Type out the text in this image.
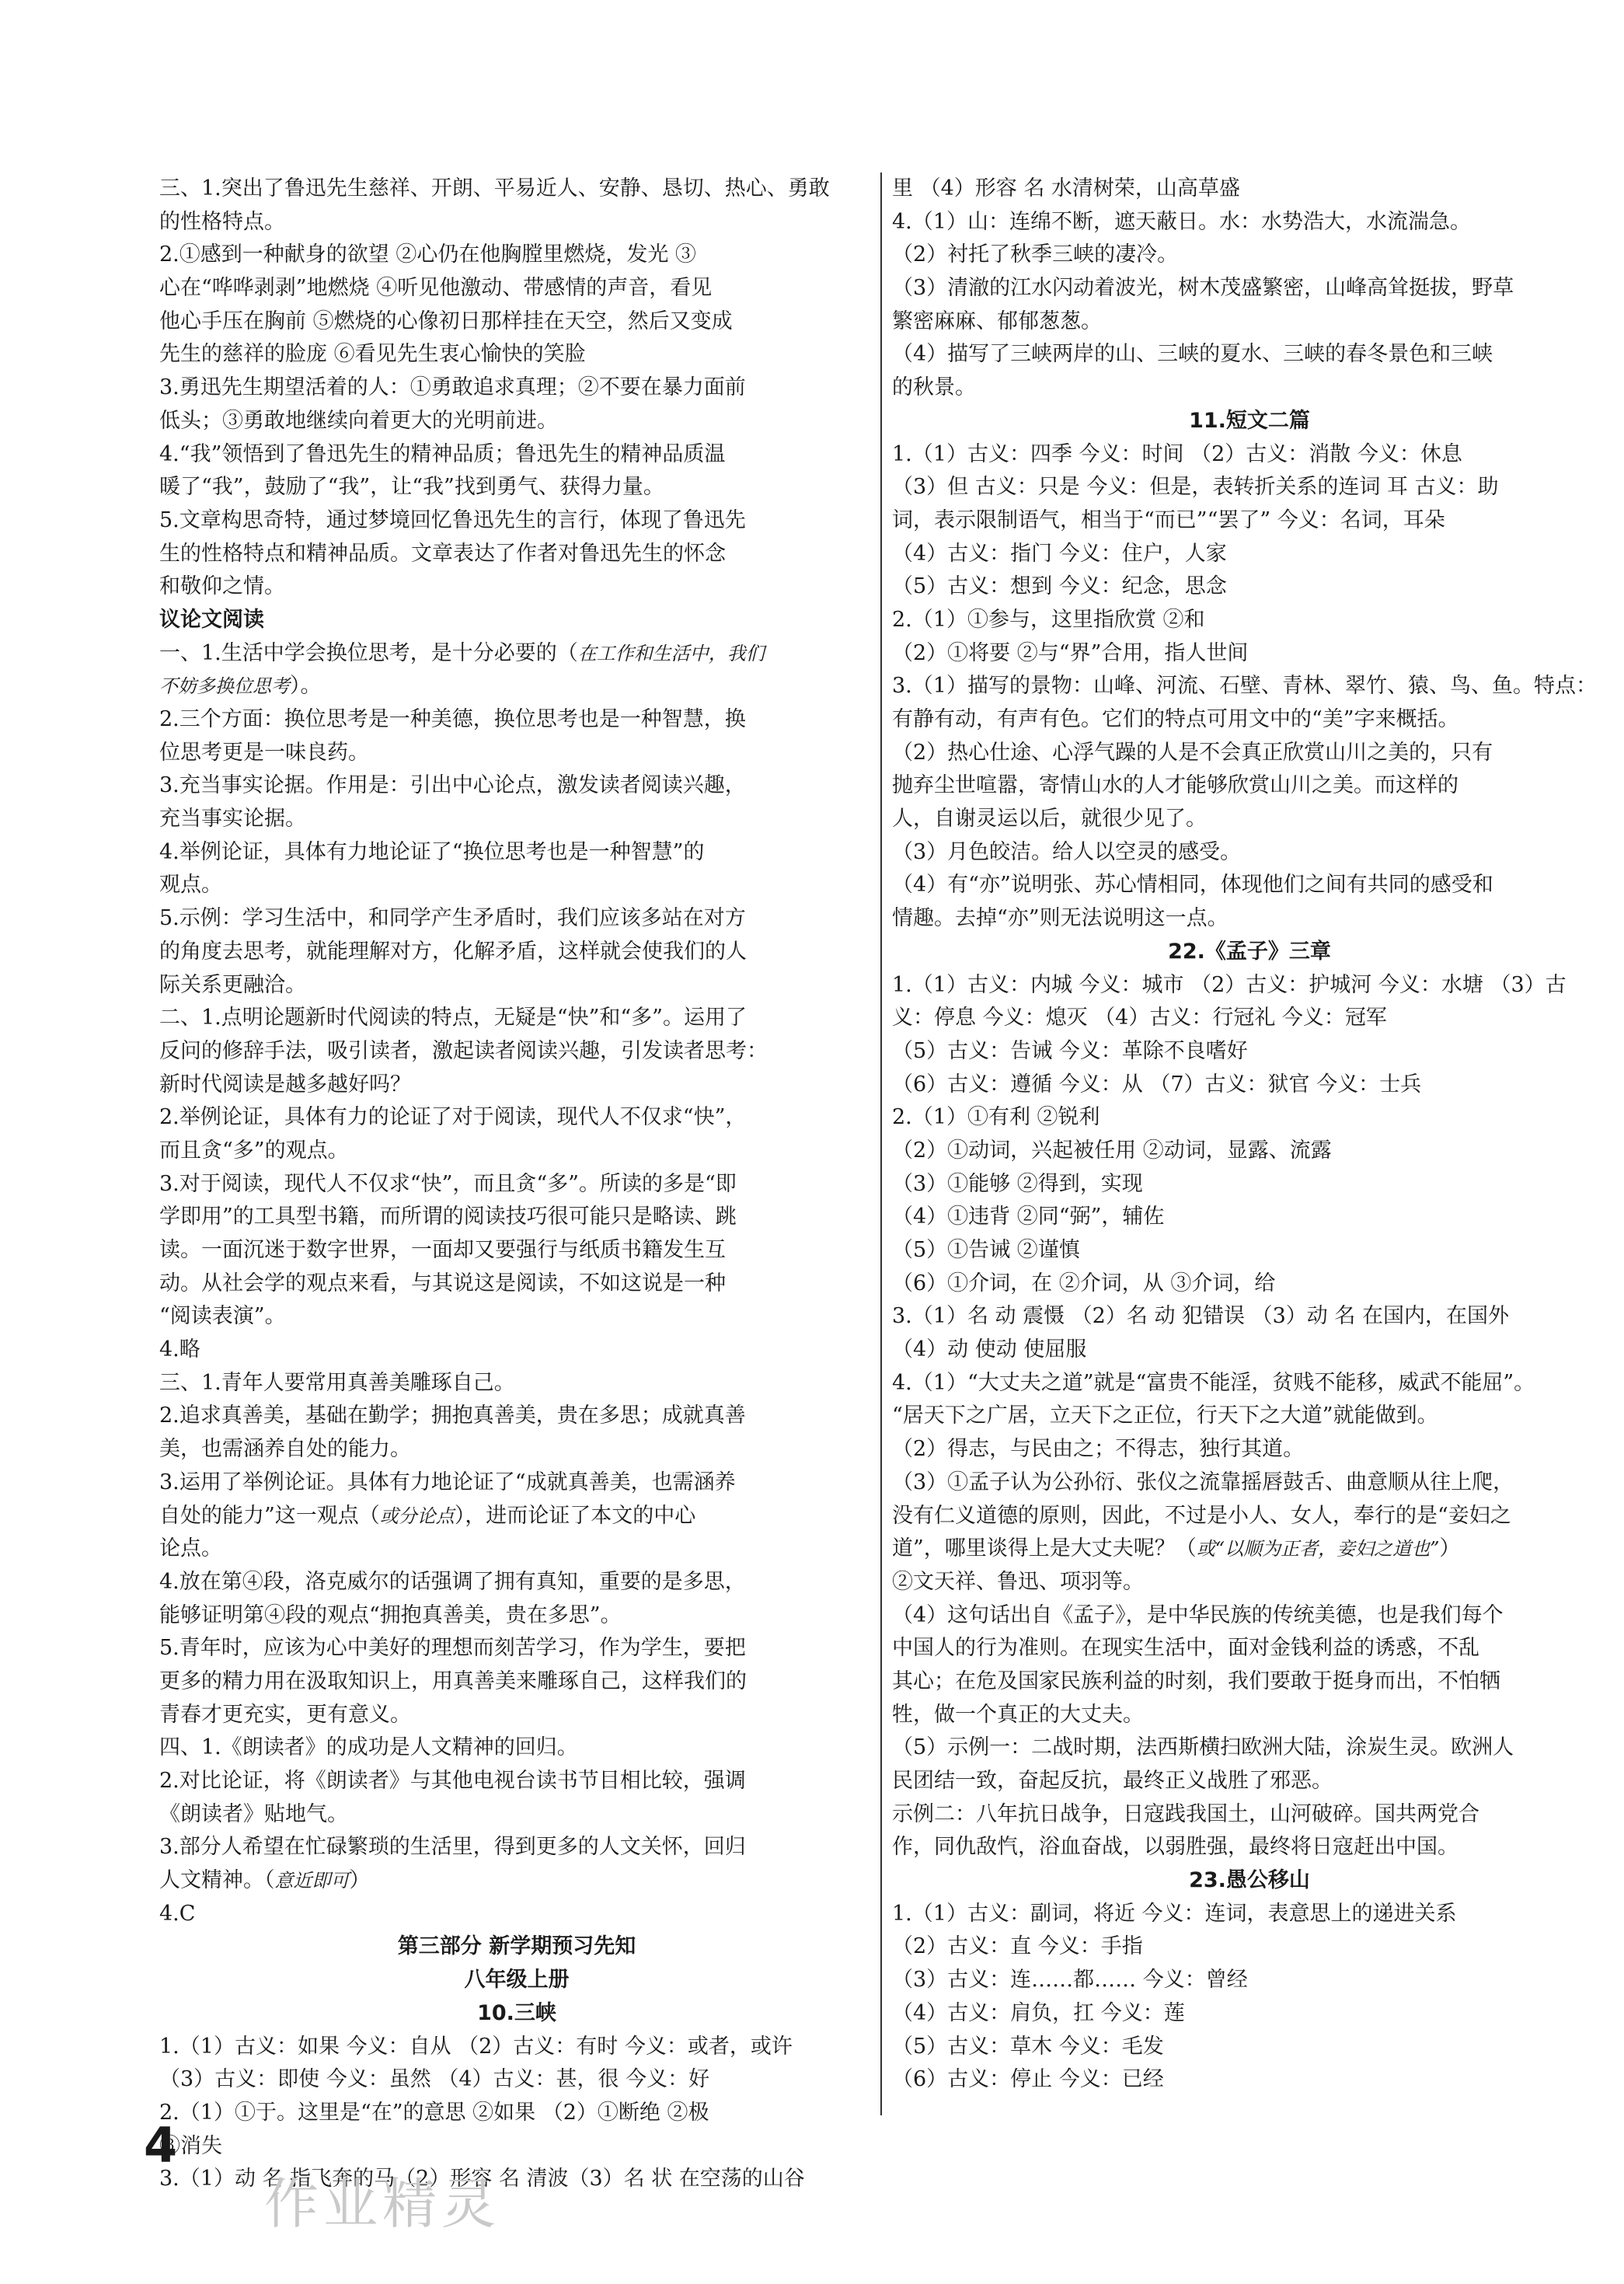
三、1.突出了鲁迅先生慈祥、开朗、平易近人、安静、恳切、热心、勇敢
的性格特点。
2.①感到一种献身的欲望 ②心仍在他胸膛里燃烧，发光 ③
心在“哗哗剥剥”地燃烧 ④听见他激动、带感情的声音，看见
他心手压在胸前 ⑤燃烧的心像初日那样挂在天空，然后又变成
先生的慈祥的脸庞 ⑥看见先生衷心愉快的笑脸
3.勇迅先生期望活着的人：①勇敢追求真理；②不要在暴力面前
低头；③勇敢地继续向着更大的光明前进。
4.“我”领悟到了鲁迅先生的精神品质；鲁迅先生的精神品质温
暖了“我”，鼓励了“我”，让“我”找到勇气、获得力量。
5.文章构思奇特，通过梦境回忆鲁迅先生的言行，体现了鲁迅先
生的性格特点和精神品质。文章表达了作者对鲁迅先生的怀念
和敬仰之情。
议论文阅读
一、1.生活中学会换位思考，是十分必要的（在工作和生活中，我们
不妨多换位思考）。
2.三个方面：换位思考是一种美德，换位思考也是一种智慧，换
位思考更是一味良药。
3.充当事实论据。作用是：引出中心论点，激发读者阅读兴趣，
充当事实论据。
4.举例论证，具体有力地论证了“换位思考也是一种智慧”的
观点。
5.示例：学习生活中，和同学产生矛盾时，我们应该多站在对方
的角度去思考，就能理解对方，化解矛盾，这样就会使我们的人
际关系更融洽。
二、1.点明论题新时代阅读的特点，无疑是“快”和“多”。运用了
反问的修辞手法，吸引读者，激起读者阅读兴趣，引发读者思考：
新时代阅读是越多越好吗？
2.举例论证，具体有力的论证了对于阅读，现代人不仅求“快”，
而且贪“多”的观点。
3.对于阅读，现代人不仅求“快”，而且贪“多”。所读的多是“即
学即用”的工具型书籍，而所谓的阅读技巧很可能只是略读、跳
读。一面沉迷于数字世界，一面却又要强行与纸质书籍发生互
动。从社会学的观点来看，与其说这是阅读，不如这说是一种
“阅读表演”。
4.略
三、1.青年人要常用真善美雕琢自己。
2.追求真善美，基础在勤学；拥抱真善美，贵在多思；成就真善
美，也需涵养自处的能力。
3.运用了举例论证。具体有力地论证了“成就真善美，也需涵养
自处的能力”这一观点（或分论点），进而论证了本文的中心
论点。
4.放在第④段，洛克威尔的话强调了拥有真知，重要的是多思，
能够证明第④段的观点“拥抱真善美，贵在多思”。
5.青年时，应该为心中美好的理想而刻苦学习，作为学生，要把
更多的精力用在汲取知识上，用真善美来雕琢自己，这样我们的
青春才更充实，更有意义。
四、1.《朗读者》的成功是人文精神的回归。
2.对比论证，将《朗读者》与其他电视台读书节目相比较，强调
《朗读者》贴地气。
3.部分人希望在忙碌繁琐的生活里，得到更多的人文关怀，回归
人文精神。（意近即可）
4.C
第三部分 新学期预习先知
八年级上册
10.三峡
1.（1）古义：如果 今义：自从 （2）古义：有时 今义：或者，或许
（3）古义：即使 今义：虽然 （4）古义：甚，很 今义：好
2.（1）①于。这里是“在”的意思 ②如果 （2）①断绝 ②极
③消失
3.（1）动 名 指飞奔的马（2）形容 名 清波（3）名 状 在空荡的山谷
里 （4）形容 名 水清树荣，山高草盛
4.（1）山：连绵不断，遮天蔽日。水：水势浩大，水流湍急。
（2）衬托了秋季三峡的凄冷。
（3）清澈的江水闪动着波光，树木茂盛繁密，山峰高耸挺拔，野草
繁密麻麻、郁郁葱葱。
（4）描写了三峡两岸的山、三峡的夏水、三峡的春冬景色和三峡
的秋景。
11.短文二篇
1.（1）古义：四季 今义：时间 （2）古义：消散 今义：休息
（3）但 古义：只是 今义：但是，表转折关系的连词 耳 古义：助
词，表示限制语气，相当于“而已”“罢了” 今义：名词，耳朵
（4）古义：指门 今义：住户，人家
（5）古义：想到 今义：纪念，思念
2.（1）①参与，这里指欣赏 ②和
（2）①将要 ②与“界”合用，指人世间
3.（1）描写的景物：山峰、河流、石壁、青林、翠竹、猿、鸟、鱼。特点：
有静有动，有声有色。它们的特点可用文中的“美”字来概括。
（2）热心仕途、心浮气躁的人是不会真正欣赏山川之美的，只有
抛弃尘世喧嚣，寄情山水的人才能够欣赏山川之美。而这样的
人，自谢灵运以后，就很少见了。
（3）月色皎洁。给人以空灵的感受。
（4）有“亦”说明张、苏心情相同，体现他们之间有共同的感受和
情趣。去掉“亦”则无法说明这一点。
22.《孟子》三章
1.（1）古义：内城 今义：城市 （2）古义：护城河 今义：水塘 （3）古
义：停息 今义：熄灭 （4）古义：行冠礼 今义：冠军
（5）古义：告诫 今义：革除不良嗜好
（6）古义：遵循 今义：从 （7）古义：狱官 今义：士兵
2.（1）①有利 ②锐利
（2）①动词，兴起被任用 ②动词，显露、流露
（3）①能够 ②得到，实现
（4）①违背 ②同“弼”，辅佐
（5）①告诫 ②谨慎
（6）①介词，在 ②介词，从 ③介词，给
3.（1）名 动 震慑 （2）名 动 犯错误 （3）动 名 在国内，在国外
（4）动 使动 使屈服
4.（1）“大丈夫之道”就是“富贵不能淫，贫贱不能移，威武不能屈”。
“居天下之广居，立天下之正位，行天下之大道”就能做到。
（2）得志，与民由之；不得志，独行其道。
（3）①孟子认为公孙衍、张仪之流靠摇唇鼓舌、曲意顺从往上爬，
没有仁义道德的原则，因此，不过是小人、女人，奉行的是“妾妇之
道”，哪里谈得上是大丈夫呢？（或“以顺为正者，妾妇之道也”）
②文天祥、鲁迅、项羽等。
（4）这句话出自《孟子》，是中华民族的传统美德，也是我们每个
中国人的行为准则。在现实生活中，面对金钱利益的诱惑，不乱
其心；在危及国家民族利益的时刻，我们要敢于挺身而出，不怕牺
牲，做一个真正的大丈夫。
（5）示例一：二战时期，法西斯横扫欧洲大陆，涂炭生灵。欧洲人
民团结一致，奋起反抗，最终正义战胜了邪恶。
示例二：八年抗日战争，日寇践我国土，山河破碎。国共两党合
作，同仇敌忾，浴血奋战，以弱胜强，最终将日寇赶出中国。
23.愚公移山
1.（1）古义：副词，将近 今义：连词，表意思上的递进关系
（2）古义：直 今义：手指
（3）古义：连……都…… 今义：曾经
（4）古义：肩负，扛 今义：莲
（5）古义：草木 今义：毛发
（6）古义：停止 今义：已经
4
作业精灵
